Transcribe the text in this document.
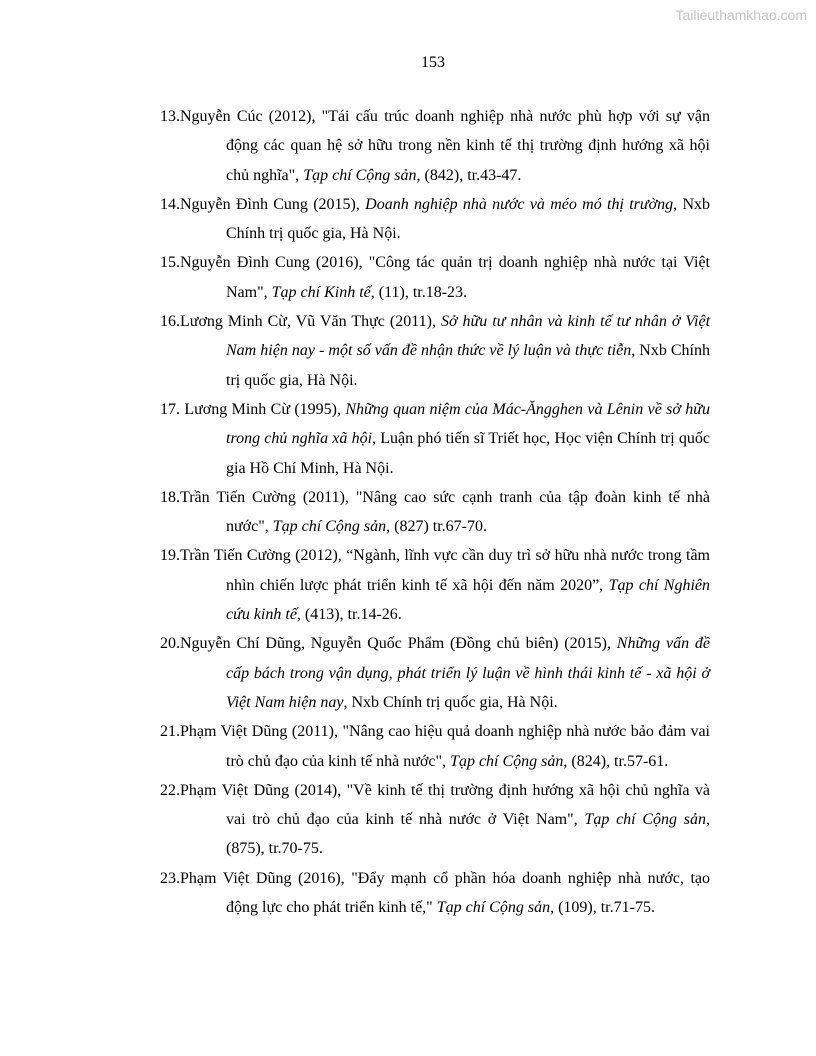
Tailieuthamkhao.com
153
13.Nguyễn Cúc (2012), "Tái cấu trúc doanh nghiệp nhà nước phù hợp với sự vận động các quan hệ sở hữu trong nền kinh tế thị trường định hướng xã hội chủ nghĩa", Tạp chí Cộng sản, (842), tr.43-47.
14.Nguyễn Đình Cung (2015), Doanh nghiệp nhà nước và méo mó thị trường, Nxb Chính trị quốc gia, Hà Nội.
15.Nguyễn Đình Cung (2016), "Công tác quản trị doanh nghiệp nhà nước tại Việt Nam", Tạp chí Kinh tế, (11), tr.18-23.
16.Lương Minh Cừ, Vũ Văn Thực (2011), Sở hữu tư nhân và kinh tế tư nhân ở Việt Nam hiện nay - một số vấn đề nhận thức về lý luận và thực tiễn, Nxb Chính trị quốc gia, Hà Nội.
17. Lương Minh Cừ (1995), Những quan niệm của Mác-Ăngghen và Lênin về sở hữu trong chủ nghĩa xã hội, Luận phó tiến sĩ Triết học, Học viện Chính trị quốc gia Hồ Chí Minh, Hà Nội.
18.Trần Tiến Cường (2011), "Nâng cao sức cạnh tranh của tập đoàn kinh tế nhà nước", Tạp chí Cộng sản, (827) tr.67-70.
19.Trần Tiến Cường (2012), “Ngành, lĩnh vực cần duy trì sở hữu nhà nước trong tầm nhìn chiến lược phát triển kinh tế xã hội đến năm 2020”, Tạp chí Nghiên cứu kinh tế, (413), tr.14-26.
20.Nguyễn Chí Dũng, Nguyễn Quốc Phẩm (Đồng chủ biên) (2015), Những vấn đề cấp bách trong vận dụng, phát triển lý luận về hình thái kinh tế - xã hội ở Việt Nam hiện nay, Nxb Chính trị quốc gia, Hà Nội.
21.Phạm Việt Dũng (2011), "Nâng cao hiệu quả doanh nghiệp nhà nước bảo đảm vai trò chủ đạo của kinh tế nhà nước", Tạp chí Cộng sản, (824), tr.57-61.
22.Phạm Việt Dũng (2014), "Về kinh tế thị trường định hướng xã hội chủ nghĩa và vai trò chủ đạo của kinh tế nhà nước ở Việt Nam", Tạp chí Cộng sản, (875), tr.70-75.
23.Phạm Việt Dũng (2016), "Đẩy mạnh cổ phần hóa doanh nghiệp nhà nước, tạo động lực cho phát triển kinh tế," Tạp chí Cộng sản, (109), tr.71-75.
